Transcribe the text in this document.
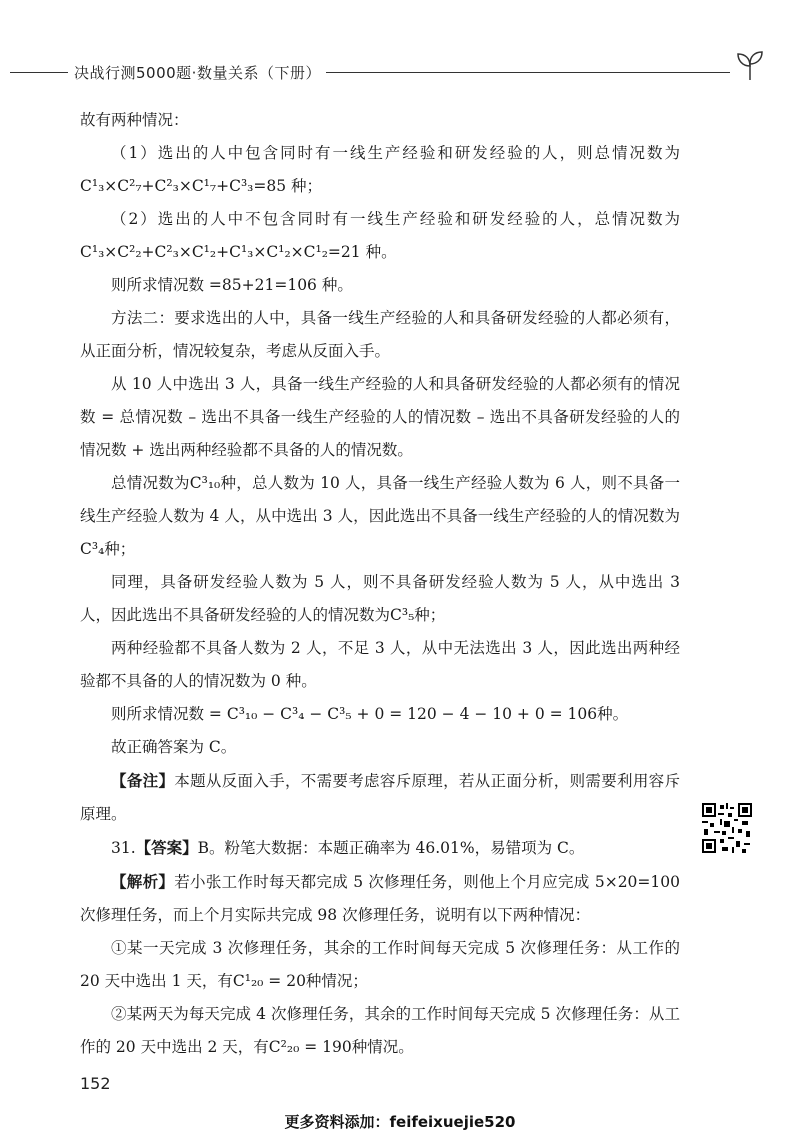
决战行测5000题·数量关系（下册）

故有两种情况：

（1）选出的人中包含同时有一线生产经验和研发经验的人，则总情况数为C¹₃×C²₇+C²₃×C¹₇+C³₃=85 种；

（2）选出的人中不包含同时有一线生产经验和研发经验的人，总情况数为C¹₃×C²₂+C²₃×C¹₂+C¹₃×C¹₂×C¹₂=21 种。

则所求情况数 =85+21=106 种。

方法二：要求选出的人中，具备一线生产经验的人和具备研发经验的人都必须有，从正面分析，情况较复杂，考虑从反面入手。

从 10 人中选出 3 人，具备一线生产经验的人和具备研发经验的人都必须有的情况数 = 总情况数 – 选出不具备一线生产经验的人的情况数 – 选出不具备研发经验的人的情况数 + 选出两种经验都不具备的人的情况数。

总情况数为C³₁₀种，总人数为 10 人，具备一线生产经验人数为 6 人，则不具备一线生产经验人数为 4 人，从中选出 3 人，因此选出不具备一线生产经验的人的情况数为C³₄种；

同理，具备研发经验人数为 5 人，则不具备研发经验人数为 5 人，从中选出 3 人，因此选出不具备研发经验的人的情况数为C³₅种；

两种经验都不具备人数为 2 人，不足 3 人，从中无法选出 3 人，因此选出两种经验都不具备的人的情况数为 0 种。

则所求情况数 = C³₁₀ − C³₄ − C³₅ + 0 = 120 − 4 − 10 + 0 = 106种。

故正确答案为 C。

【备注】本题从反面入手，不需要考虑容斥原理，若从正面分析，则需要利用容斥原理。

31.【答案】B。粉笔大数据：本题正确率为 46.01%，易错项为 C。

【解析】若小张工作时每天都完成 5 次修理任务，则他上个月应完成 5×20=100 次修理任务，而上个月实际共完成 98 次修理任务，说明有以下两种情况：

①某一天完成 3 次修理任务，其余的工作时间每天完成 5 次修理任务：从工作的 20 天中选出 1 天，有C¹₂₀ = 20种情况；

②某两天为每天完成 4 次修理任务，其余的工作时间每天完成 5 次修理任务：从工作的 20 天中选出 2 天，有C²₂₀ = 190种情况。

152
更多资料添加：feifeixuejie520
